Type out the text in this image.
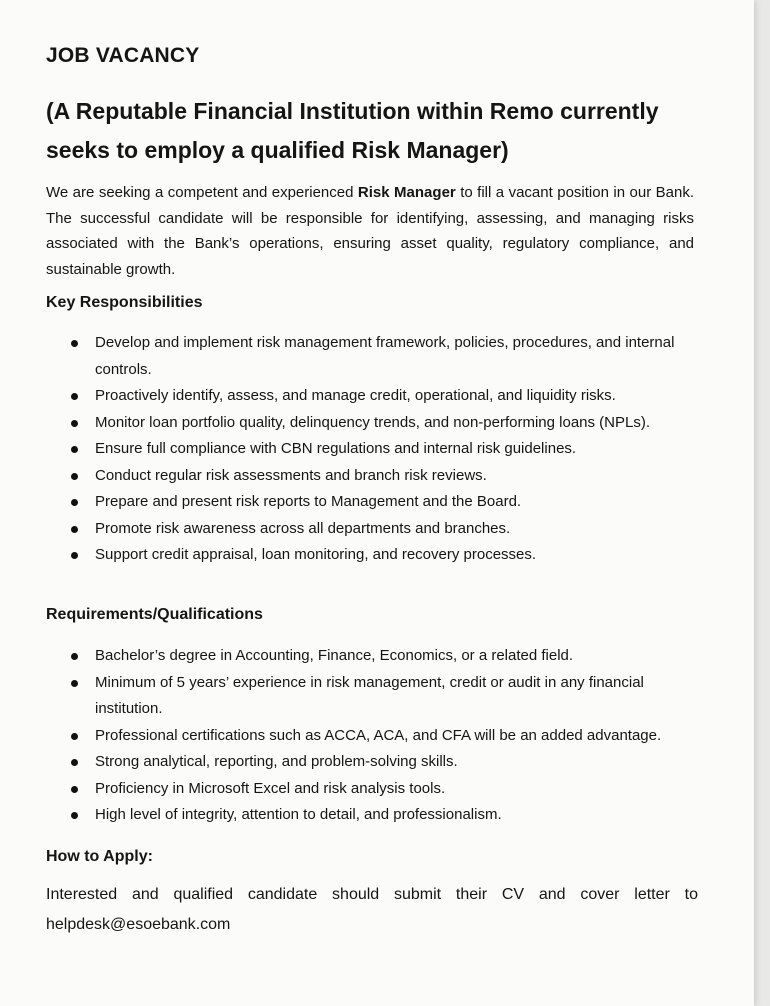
JOB VACANCY
(A Reputable Financial Institution within Remo currently seeks to employ a qualified Risk Manager)

We are seeking a competent and experienced Risk Manager to fill a vacant position in our Bank. The successful candidate will be responsible for identifying, assessing, and managing risks associated with the Bank’s operations, ensuring asset quality, regulatory compliance, and sustainable growth.

Key Responsibilities
Develop and implement risk management framework, policies, procedures, and internal controls.
Proactively identify, assess, and manage credit, operational, and liquidity risks.
Monitor loan portfolio quality, delinquency trends, and non-performing loans (NPLs).
Ensure full compliance with CBN regulations and internal risk guidelines.
Conduct regular risk assessments and branch risk reviews.
Prepare and present risk reports to Management and the Board.
Promote risk awareness across all departments and branches.
Support credit appraisal, loan monitoring, and recovery processes.
Requirements/Qualifications
Bachelor’s degree in Accounting, Finance, Economics, or a related field.
Minimum of 5 years’ experience in risk management, credit or audit in any financial institution.
Professional certifications such as ACCA, ACA, and CFA will be an added advantage.
Strong analytical, reporting, and problem-solving skills.
Proficiency in Microsoft Excel and risk analysis tools.
High level of integrity, attention to detail, and professionalism.
How to Apply:

Interested and qualified candidate should submit their CV and cover letter to
helpdesk@esoebank.com
